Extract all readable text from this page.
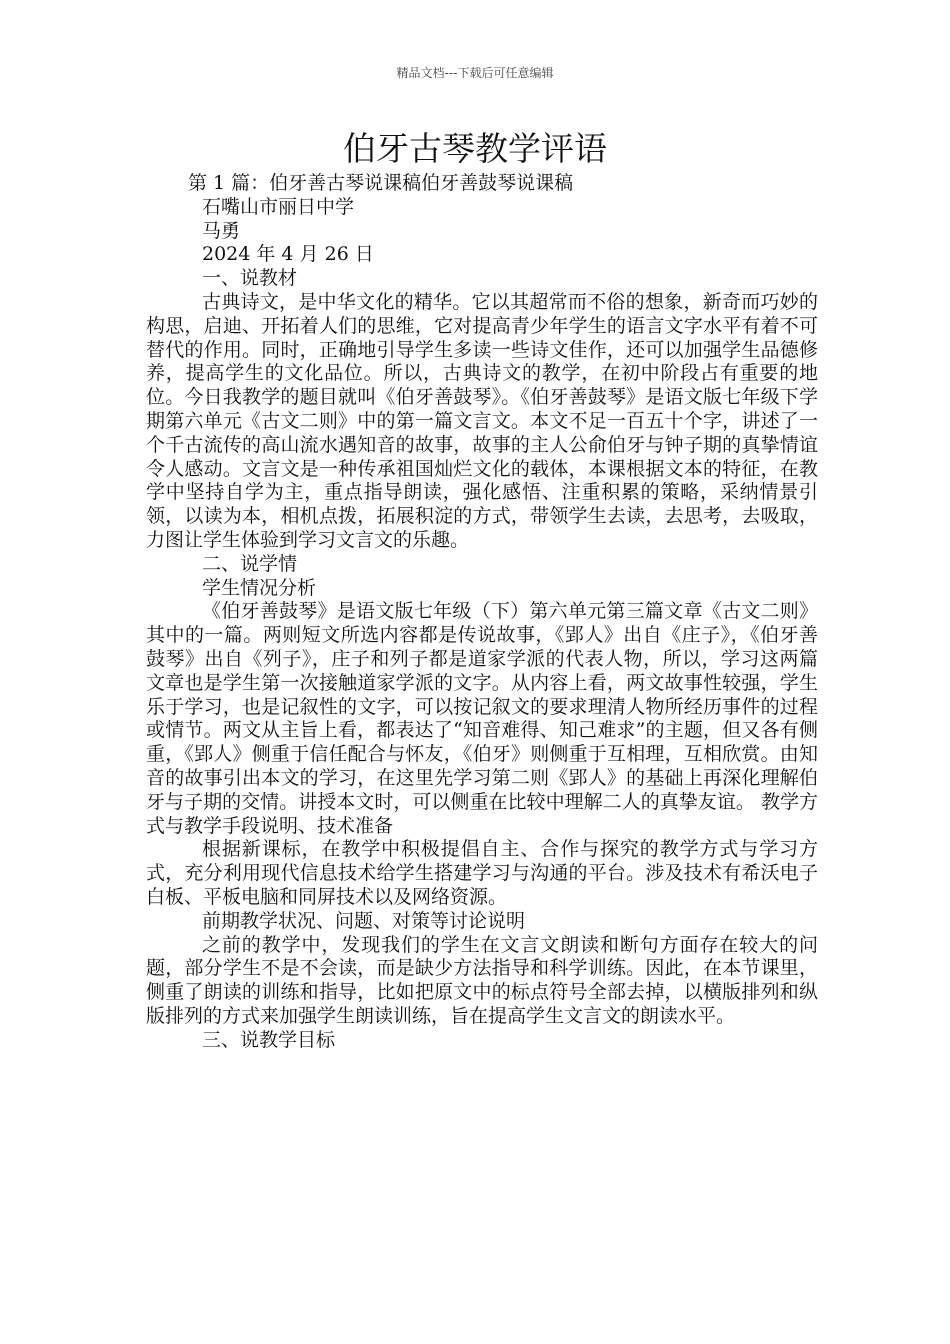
精品文档---下载后可任意编辑
伯牙古琴教学评语

第 1 篇：伯牙善古琴说课稿伯牙善鼓琴说课稿

石嘴山市丽日中学

马勇

2024 年 4 月 26 日

一、说教材

古典诗文，是中华文化的精华。它以其超常而不俗的想象，新奇而巧妙的构思，启迪、开拓着人们的思维，它对提高青少年学生的语言文字水平有着不可替代的作用。同时，正确地引导学生多读一些诗文佳作，还可以加强学生品德修养，提高学生的文化品位。所以，古典诗文的教学，在初中阶段占有重要的地位。今日我教学的题目就叫《伯牙善鼓琴》。《伯牙善鼓琴》是语文版七年级下学期第六单元《古文二则》中的第一篇文言文。本文不足一百五十个字，讲述了一个千古流传的高山流水遇知音的故事，故事的主人公俞伯牙与钟子期的真挚情谊令人感动。文言文是一种传承祖国灿烂文化的载体，本课根据文本的特征，在教学中坚持自学为主，重点指导朗读，强化感悟、注重积累的策略，采纳情景引领，以读为本，相机点拨，拓展积淀的方式，带领学生去读，去思考，去吸取，力图让学生体验到学习文言文的乐趣。

二、说学情

学生情况分析

《伯牙善鼓琴》是语文版七年级（下）第六单元第三篇文章《古文二则》其中的一篇。两则短文所选内容都是传说故事，《郢人》出自《庄子》，《伯牙善鼓琴》出自《列子》，庄子和列子都是道家学派的代表人物，所以，学习这两篇文章也是学生第一次接触道家学派的文字。从内容上看，两文故事性较强，学生乐于学习，也是记叙性的文字，可以按记叙文的要求理清人物所经历事件的过程或情节。两文从主旨上看，都表达了“知音难得、知己难求”的主题，但又各有侧重，《郢人》侧重于信任配合与怀友，《伯牙》则侧重于互相理，互相欣赏。由知音的故事引出本文的学习，在这里先学习第二则《郢人》的基础上再深化理解伯牙与子期的交情。讲授本文时，可以侧重在比较中理解二人的真挚友谊。 教学方式与教学手段说明、技术准备

根据新课标，在教学中积极提倡自主、合作与探究的教学方式与学习方式，充分利用现代信息技术给学生搭建学习与沟通的平台。涉及技术有希沃电子白板、平板电脑和同屏技术以及网络资源。

前期教学状况、问题、对策等讨论说明

之前的教学中，发现我们的学生在文言文朗读和断句方面存在较大的问题，部分学生不是不会读，而是缺少方法指导和科学训练。因此，在本节课里，侧重了朗读的训练和指导，比如把原文中的标点符号全部去掉，以横版排列和纵版排列的方式来加强学生朗读训练，旨在提高学生文言文的朗读水平。

三、说教学目标
